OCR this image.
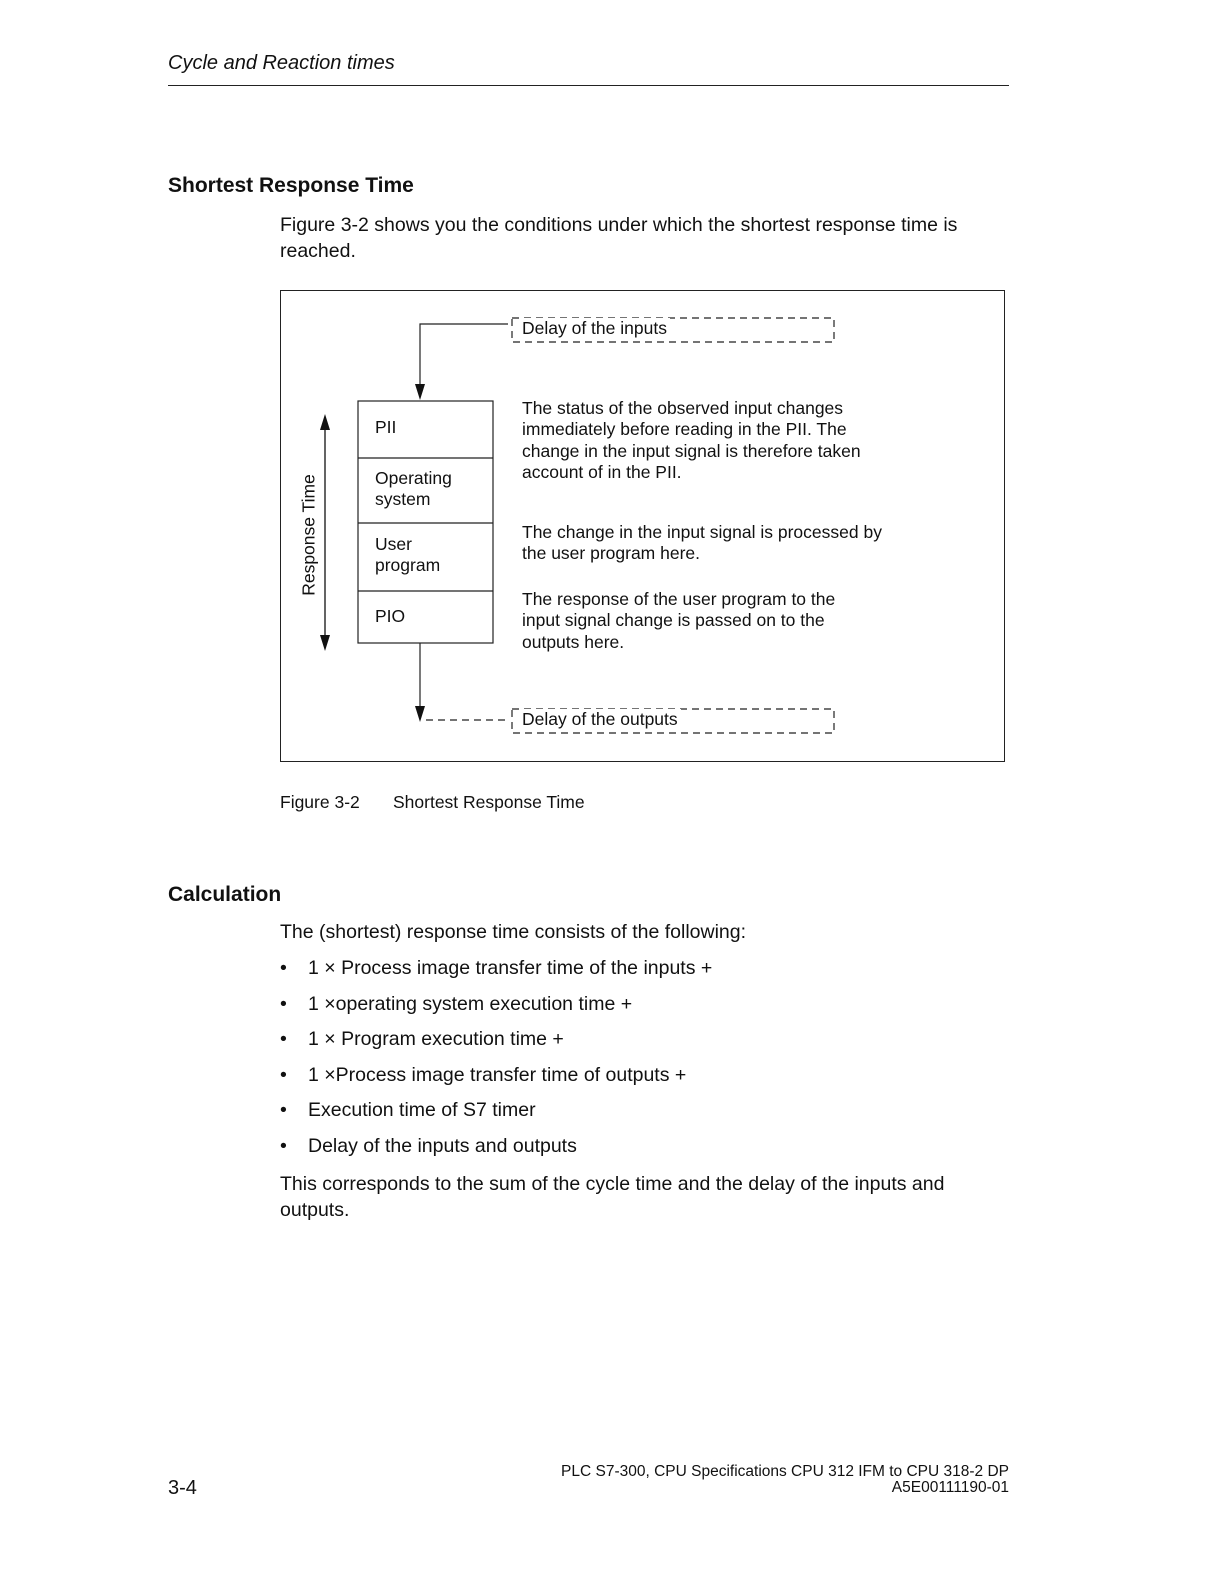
Cycle and Reaction times
Shortest Response Time
Figure 3-2 shows you the conditions under which the shortest response time is reached.
Delay of the inputs
Delay of the outputs
PII
Operating system
User program
PIO
Response Time
The status of the observed input changes immediately before reading in the PII. The change in the input signal is therefore taken account of in the PII.
The change in the input signal is processed by the user program here.
The response of the user program to the input signal change is passed on to the outputs here.
Figure 3-2 Shortest Response Time
Calculation
The (shortest) response time consists of the following:
•	1 × Process image transfer time of the inputs +
•	1 ×operating system execution time +
•	1 × Program execution time +
•	1 ×Process image transfer time of outputs +
•	Execution time of S7 timer
•	Delay of the inputs and outputs
This corresponds to the sum of the cycle time and the delay of the inputs and outputs.
3-4
PLC S7-300, CPU Specifications CPU 312 IFM to CPU 318-2 DP
A5E00111190-01
